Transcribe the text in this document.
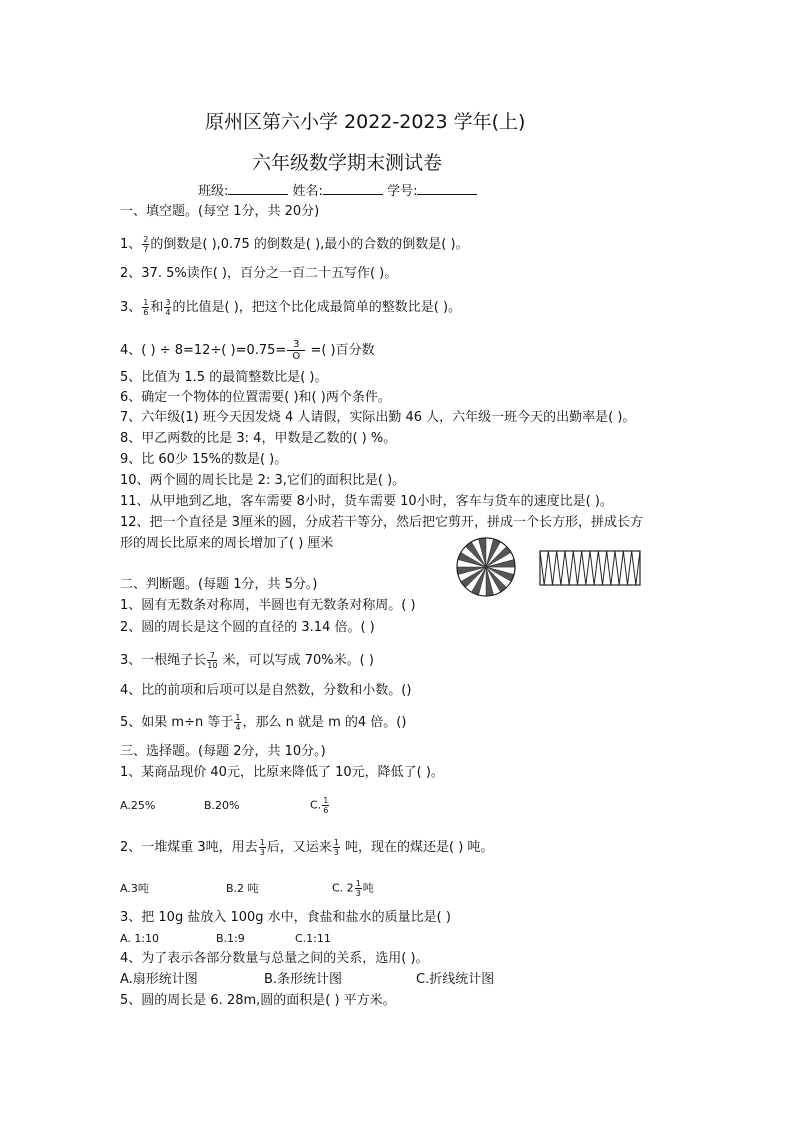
原州区第六小学 2022-2023 学年(上)
六年级数学期末测试卷
班级:	姓名:	学号:
一、填空题。(每空 1分，共 20分)
1、 $\frac{2}{7}$ 的倒数是( ),0.75 的倒数是( ),最小的合数的倒数是( )。
2、37. 5%读作( )，百分之一百二十五写作( )。
3、 $\frac{1}{6}$ 和 $\frac{3}{4}$ 的比值是( )，把这个比化成最简单的整数比是( )。
4、( ) ÷ 8=12÷( )$=0.75= \frac{3}{O}$ =( )百分数
5、比值为 1.5 的最简整数比是( )。
6、确定一个物体的位置需要( )和( )两个条件。
7、六年级(1) 班今天因发烧 4 人请假，实际出勤 46 人，六年级一班今天的出勤率是( )。
8、甲乙两数的比是 3: 4，甲数是乙数的( ) %。
9、比 60少 15%的数是( )。
10、两个圆的周长比是 2: 3,它们的面积比是( )。
11、从甲地到乙地，客车需要 8小时，货车需要 10小时，客车与货车的速度比是( )。
12、把一个直径是 3厘米的圆，分成若干等分，然后把它剪开，拼成一个长方形，拼成长方
形的周长比原来的周长增加了( ) 厘米
二、判断题。(每题 1分，共 5分。)
1、圆有无数条对称周，半圆也有无数条对称周。( )
2、圆的周长是这个圆的直径的 3.14 倍。( )
3、一根绳子长 $\frac{7}{10}$ 米，可以写成 70%米。( )
4、比的前项和后项可以是自然数，分数和小数。()
5、如果 m÷n 等于 $\frac{1}{4}$ ，那么 n 就是 m 的4 倍。()
三、选择题。(每题 2分，共 10分。)
1、某商品现价 40元，比原来降低了 10元，降低了( )。
A.25%	B.20%	C. $\frac{1}{6}$
2、一堆煤重 3吨，用去 $\frac{1}{3}$ 后，又运来 $\frac{1}{3}$ 吨，现在的煤还是( ) 吨。
A.3吨	B.2 吨	C. $2 \frac{1}{3}$ 吨
3、把 10g 盐放入 100g 水中，食盐和盐水的质量比是( )
A. 1:10	B.1:9	C.1:11
4、为了表示各部分数量与总量之间的关系，选用( )。
A.扇形统计图	B.条形统计图	C.折线统计图
5、圆的周长是 6. 28m,圆的面积是( ) 平方米。
